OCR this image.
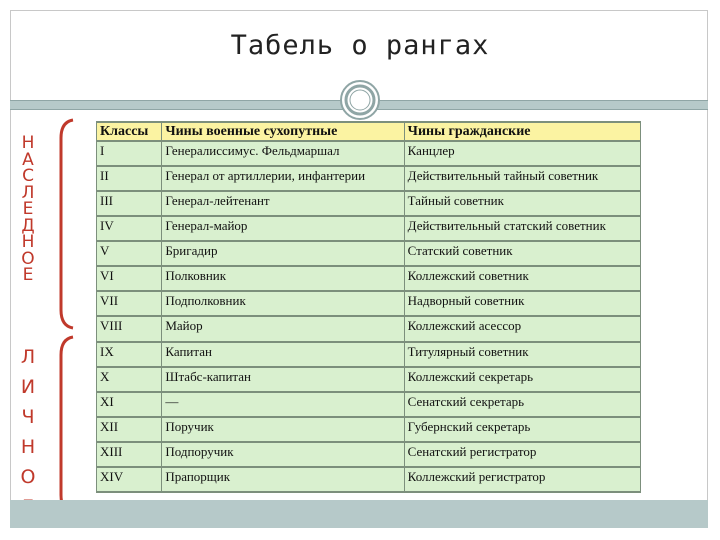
Табель о рангах
Н
А
С
Л
Е
Д
Н
О
Е
Л
И
Ч
Н
О
Классы	Чины военные сухопутные	Чины гражданские
I	Генералиссимус. Фельдмаршал	Канцлер
II	Генерал от артиллерии, инфантерии	Действительный тайный советник
III	Генерал-лейтенант	Тайный советник
IV	Генерал-майор	Действительный статский советник
V	Бригадир	Статский советник
VI	Полковник	Коллежский советник
VII	Подполковник	Надворный советник
VIII	Майор	Коллежский асессор
IX	Капитан	Титулярный советник
X	Штабс-капитан	Коллежский секретарь
XI	—	Сенатский секретарь
XII	Поручик	Губернский секретарь
XIII	Подпоручик	Сенатский регистратор
XIV	Прапорщик	Коллежский регистратор
